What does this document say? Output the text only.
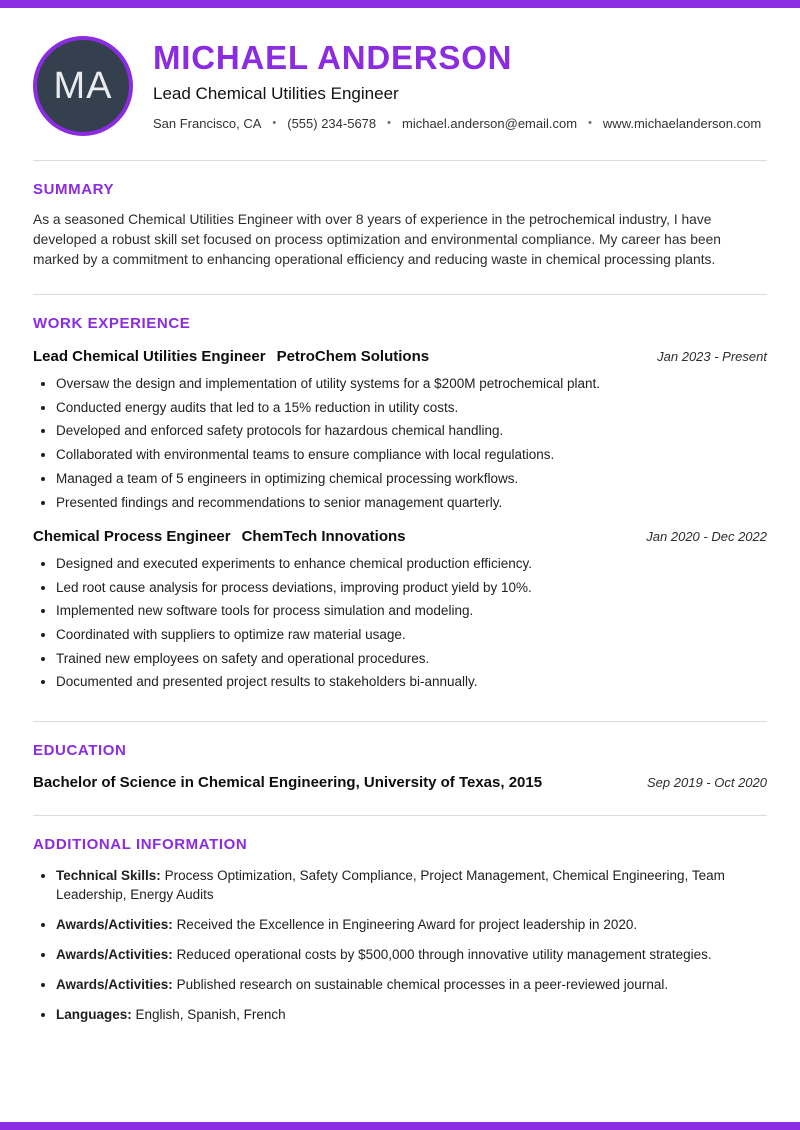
MA
MICHAEL ANDERSON
Lead Chemical Utilities Engineer
San Francisco, CA • (555) 234-5678 • michael.anderson@email.com • www.michaelanderson.com
SUMMARY

As a seasoned Chemical Utilities Engineer with over 8 years of experience in the petrochemical industry, I have developed a robust skill set focused on process optimization and environmental compliance. My career has been marked by a commitment to enhancing operational efficiency and reducing waste in chemical processing plants.

WORK EXPERIENCE
Lead Chemical Utilities Engineer PetroChem Solutions	Jan 2023 - Present
• Oversaw the design and implementation of utility systems for a $200M petrochemical plant.
• Conducted energy audits that led to a 15% reduction in utility costs.
• Developed and enforced safety protocols for hazardous chemical handling.
• Collaborated with environmental teams to ensure compliance with local regulations.
• Managed a team of 5 engineers in optimizing chemical processing workflows.
• Presented findings and recommendations to senior management quarterly.
Chemical Process Engineer ChemTech Innovations	Jan 2020 - Dec 2022
• Designed and executed experiments to enhance chemical production efficiency.
• Led root cause analysis for process deviations, improving product yield by 10%.
• Implemented new software tools for process simulation and modeling.
• Coordinated with suppliers to optimize raw material usage.
• Trained new employees on safety and operational procedures.
• Documented and presented project results to stakeholders bi-annually.
EDUCATION
Bachelor of Science in Chemical Engineering, University of Texas, 2015	Sep 2019 - Oct 2020
ADDITIONAL INFORMATION
• Technical Skills: Process Optimization, Safety Compliance, Project Management, Chemical Engineering, Team Leadership, Energy Audits
• Awards/Activities: Received the Excellence in Engineering Award for project leadership in 2020.
• Awards/Activities: Reduced operational costs by $500,000 through innovative utility management strategies.
• Awards/Activities: Published research on sustainable chemical processes in a peer-reviewed journal.
• Languages: English, Spanish, French
